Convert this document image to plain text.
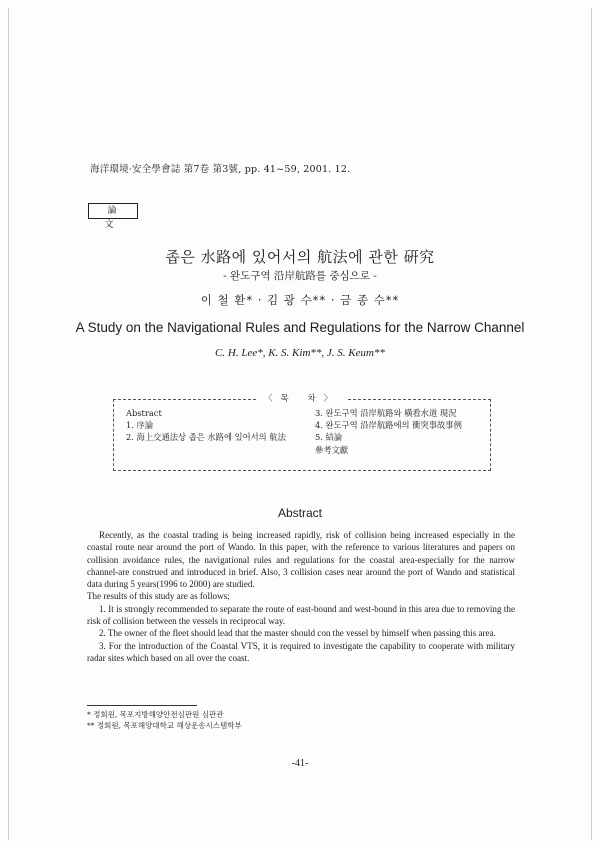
海洋環境·安全學會誌 第7卷 第3號, pp. 41~59, 2001. 12.
論 文
좁은 水路에 있어서의 航法에 관한 硏究
- 완도구역 沿岸航路를 중심으로 -
이 철 환* · 김 광 수** · 금 종 수**
A Study on the Navigational Rules and Regulations for the Narrow Channel
C. H. Lee*, K. S. Kim**, J. S. Keum**
〈목 차〉
Abstract
1. 序論
2. 海上交通法상 좁은 水路에 있어서의 航法
3. 완도구역 沿岸航路와 橫看水道 現況
4. 완도구역 沿岸航路에의 衝突事故事例
5. 結論
參考文獻
Abstract

Recently, as the coastal trading is being increased rapidly, risk of collision being increased especially in the coastal route near around the port of Wando. In this paper, with the reference to various literatures and papers on collision avoidance rules, the navigational rules and regulations for the coastal area-especially for the narrow channel-are construed and introduced in brief. Also, 3 collision cases near around the port of Wando and statistical data during 5 years(1996 to 2000) are studied.

The results of this study are as follows;

1. It is strongly recommended to separate the route of east-bound and west-bound in this area due to removing the risk of collision between the vessels in reciprocal way.

2. The owner of the fleet should lead that the master should con the vessel by himself when passing this area.

3. For the introduction of the Coastal VTS, it is required to investigate the capability to cooperate with military radar sites which based on all over the coast.

* 정회원, 목포지방해양안전심판원 심판관
** 정회원, 목포해양대학교 해상운송시스템학부
-41-
